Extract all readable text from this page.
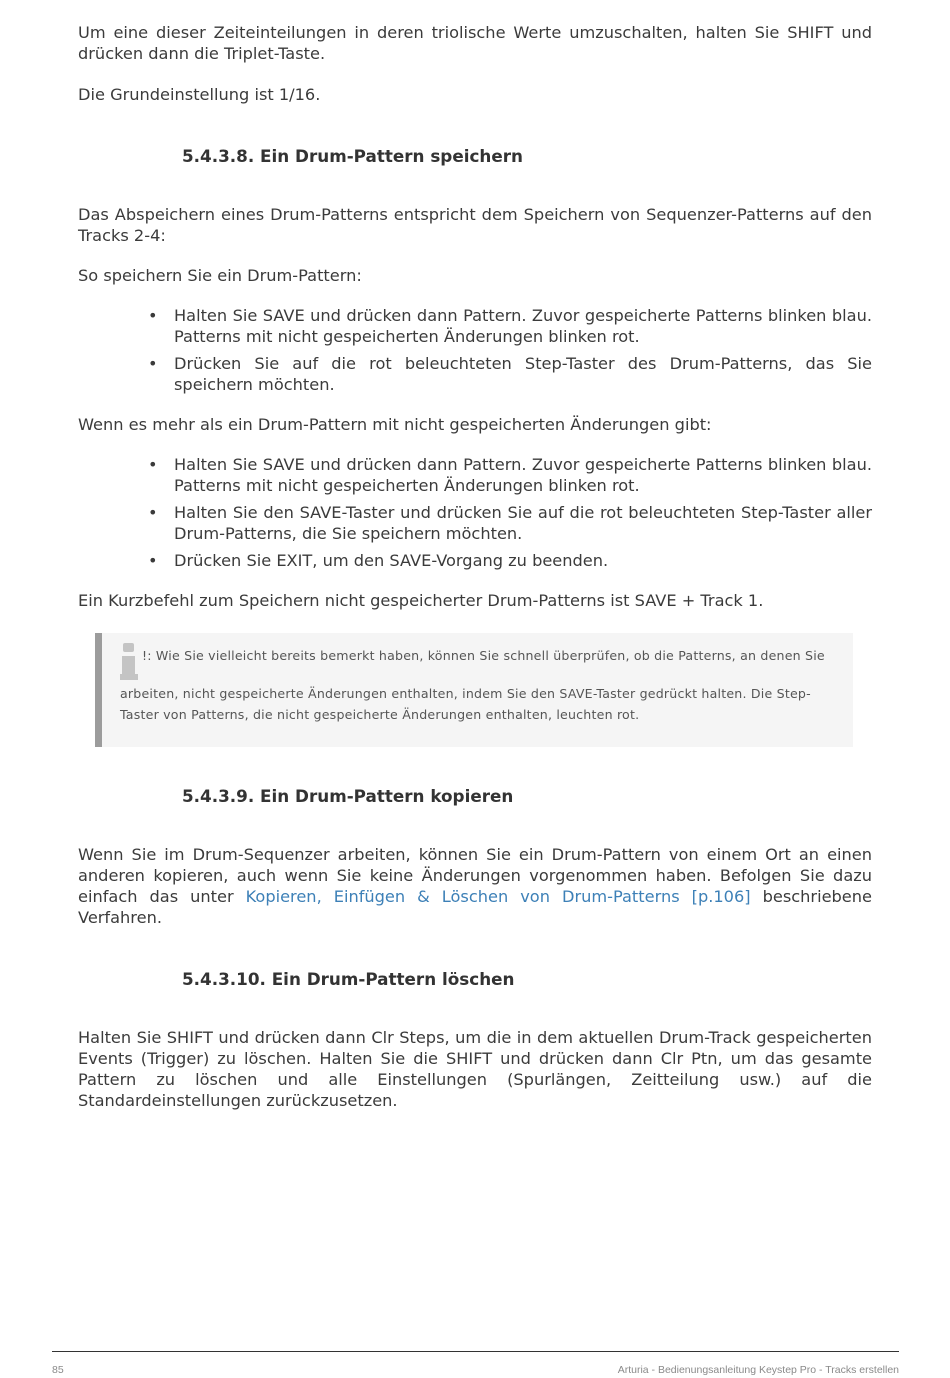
Um eine dieser Zeiteinteilungen in deren triolische Werte umzuschalten, halten Sie SHIFT und drücken dann die Triplet-Taste.

Die Grundeinstellung ist 1/16.

5.4.3.8. Ein Drum-Pattern speichern

Das Abspeichern eines Drum-Patterns entspricht dem Speichern von Sequenzer-Patterns auf den Tracks 2-4:

So speichern Sie ein Drum-Pattern:

• Halten Sie SAVE und drücken dann Pattern. Zuvor gespeicherte Patterns blinken blau. Patterns mit nicht gespeicherten Änderungen blinken rot.
• Drücken Sie auf die rot beleuchteten Step-Taster des Drum-Patterns, das Sie speichern möchten.

Wenn es mehr als ein Drum-Pattern mit nicht gespeicherten Änderungen gibt:

• Halten Sie SAVE und drücken dann Pattern. Zuvor gespeicherte Patterns blinken blau. Patterns mit nicht gespeicherten Änderungen blinken rot.
• Halten Sie den SAVE-Taster und drücken Sie auf die rot beleuchteten Step-Taster aller Drum-Patterns, die Sie speichern möchten.
• Drücken Sie EXIT, um den SAVE-Vorgang zu beenden.

Ein Kurzbefehl zum Speichern nicht gespeicherter Drum-Patterns ist SAVE + Track 1.

!: Wie Sie vielleicht bereits bemerkt haben, können Sie schnell überprüfen, ob die Patterns, an denen Sie arbeiten, nicht gespeicherte Änderungen enthalten, indem Sie den SAVE-Taster gedrückt halten. Die Step-Taster von Patterns, die nicht gespeicherte Änderungen enthalten, leuchten rot.

5.4.3.9. Ein Drum-Pattern kopieren

Wenn Sie im Drum-Sequenzer arbeiten, können Sie ein Drum-Pattern von einem Ort an einen anderen kopieren, auch wenn Sie keine Änderungen vorgenommen haben. Befolgen Sie dazu einfach das unter Kopieren, Einfügen & Löschen von Drum-Patterns [p.106] beschriebene Verfahren.

5.4.3.10. Ein Drum-Pattern löschen

Halten Sie SHIFT und drücken dann Clr Steps, um die in dem aktuellen Drum-Track gespeicherten Events (Trigger) zu löschen. Halten Sie die SHIFT und drücken dann Clr Ptn, um das gesamte Pattern zu löschen und alle Einstellungen (Spurlängen, Zeitteilung usw.) auf die Standardeinstellungen zurückzusetzen.

85	Arturia - Bedienungsanleitung Keystep Pro - Tracks erstellen
